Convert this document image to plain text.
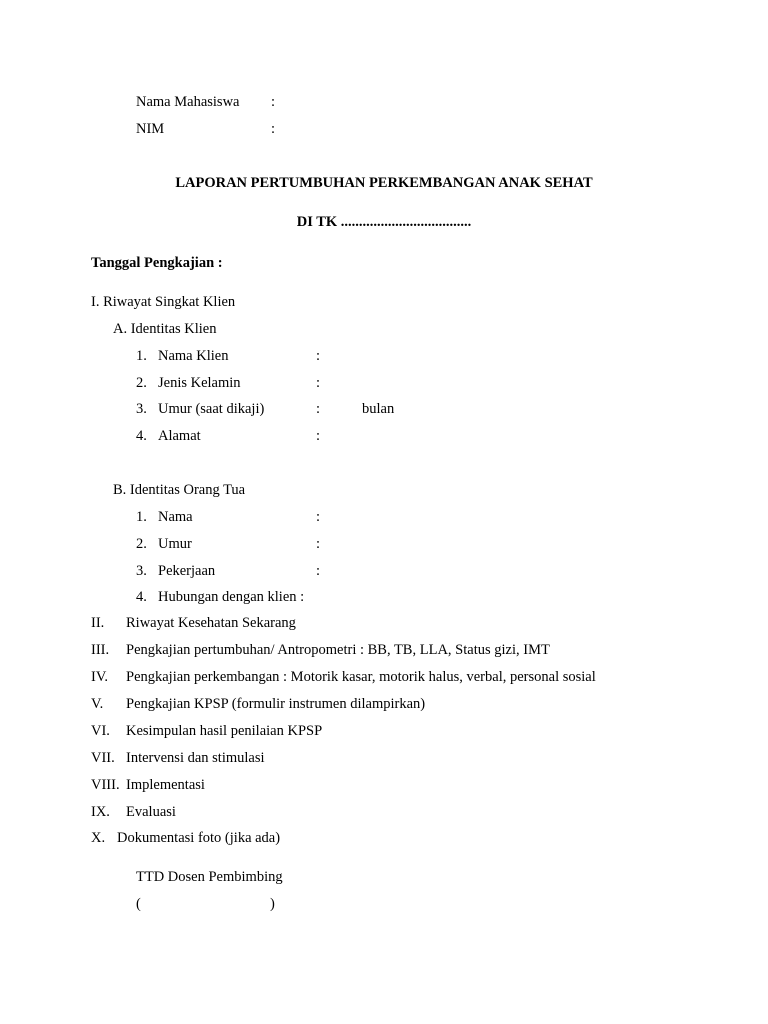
Nama Mahasiswa :
NIM	:
LAPORAN PERTUMBUHAN PERKEMBANGAN ANAK SEHAT
DI TK ....................................
Tanggal Pengkajian :
I. Riwayat Singkat Klien
A. Identitas Klien
1. Nama Klien	:
2. Jenis Kelamin	:
3. Umur (saat dikaji)	:	bulan
4. Alamat	:
B. Identitas Orang Tua
1. Nama	:
2. Umur	:
3. Pekerjaan	:
4. Hubungan dengan klien :
II. Riwayat Kesehatan Sekarang
III. Pengkajian pertumbuhan/ Antropometri : BB, TB, LLA, Status gizi, IMT
IV. Pengkajian perkembangan : Motorik kasar, motorik halus, verbal, personal sosial
V. Pengkajian KPSP (formulir instrumen dilampirkan)
VI. Kesimpulan hasil penilaian KPSP
VII. Intervensi dan stimulasi
VIII. Implementasi
IX. Evaluasi
X. Dokumentasi foto (jika ada)
TTD Dosen Pembimbing
(	)
